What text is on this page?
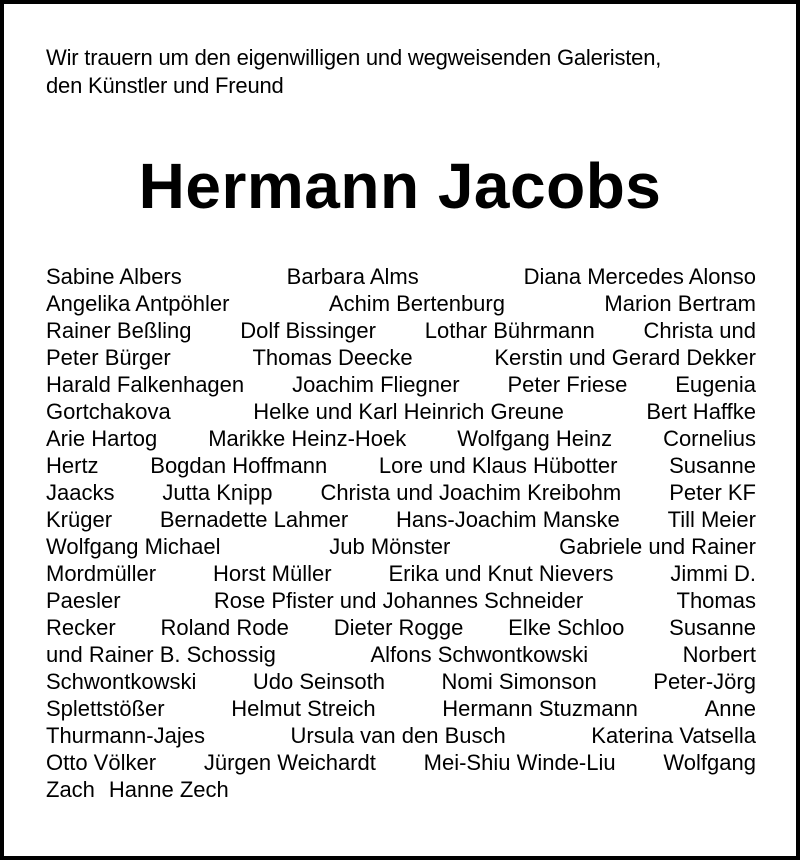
Wir trauern um den eigenwilligen und wegweisenden Galeristen,
den Künstler und Freund
Hermann Jacobs
Sabine Albers	Barbara Alms	Diana Mercedes Alonso
Angelika Antpöhler	Achim Bertenburg	Marion Bertram
Rainer Beßling Dolf Bissinger Lothar Bührmann Christa und
Peter Bürger	Thomas Deecke	Kerstin und Gerard Dekker
Harald Falkenhagen Joachim Fliegner Peter Friese Eugenia
Gortchakova	Helke und Karl Heinrich Greune	Bert Haffke
Arie Hartog Marikke Heinz-Hoek Wolfgang Heinz Cornelius
Hertz Bogdan Hoffmann Lore und Klaus Hübotter Susanne
Jaacks Jutta Knipp Christa und Joachim Kreibohm Peter KF
Krüger Bernadette Lahmer Hans-Joachim Manske Till Meier
Wolfgang Michael	Jub Mönster	Gabriele und Rainer
Mordmüller	Horst Müller	Erika und Knut Nievers	Jimmi D.
Paesler	Rose Pfister und Johannes Schneider	Thomas
Recker Roland Rode Dieter Rogge Elke Schloo Susanne
und Rainer B. Schossig	Alfons Schwontkowski	Norbert
Schwontkowski	Udo Seinsoth	Nomi Simonson	Peter-Jörg
Splettstößer	Helmut Streich	Hermann Stuzmann	Anne
Thurmann-Jajes	Ursula van den Busch	Katerina Vatsella
Otto Völker Jürgen Weichardt Mei-Shiu Winde-Liu Wolfgang
Zach Hanne Zech
